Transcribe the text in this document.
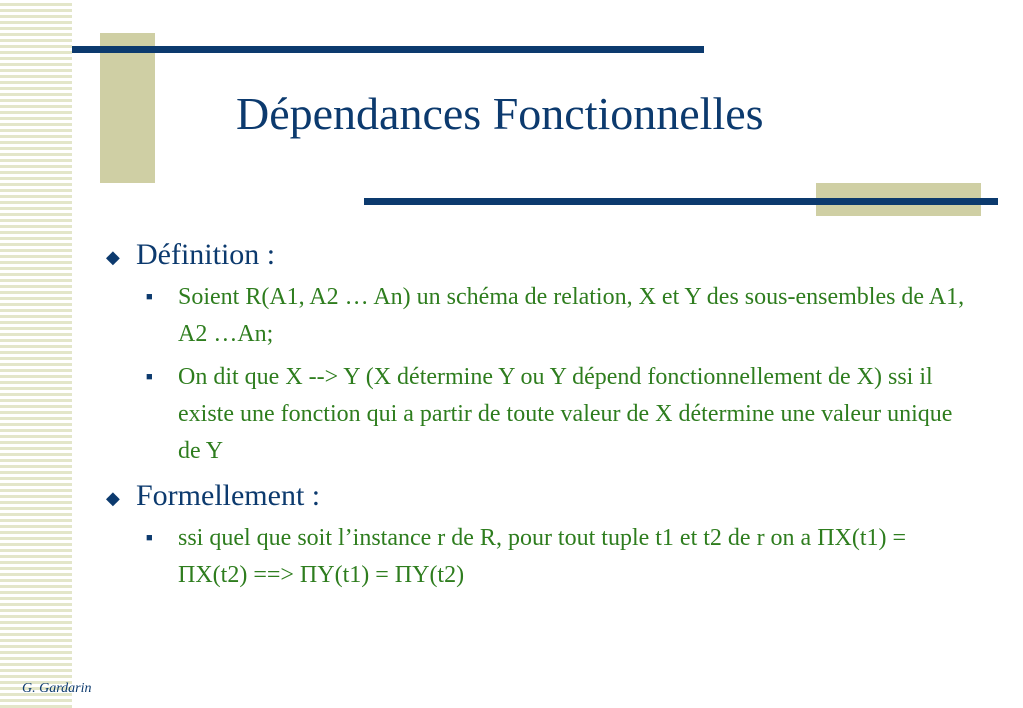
Dépendances Fonctionnelles
◆ Définition :
■ Soient R(A1, A2 … An) un schéma de relation, X et Y des sous-ensembles de A1, A2 …An;
■ On dit que X --> Y (X détermine Y ou Y dépend fonctionnellement de X) ssi il existe une fonction qui a partir de toute valeur de X détermine une valeur unique de Y
◆ Formellement :
■ ssi quel que soit l’instance r de R, pour tout tuple t1 et t2 de r on a ΠX(t1) = ΠX(t2) ==> ΠY(t1) = ΠY(t2)
G. Gardarin
